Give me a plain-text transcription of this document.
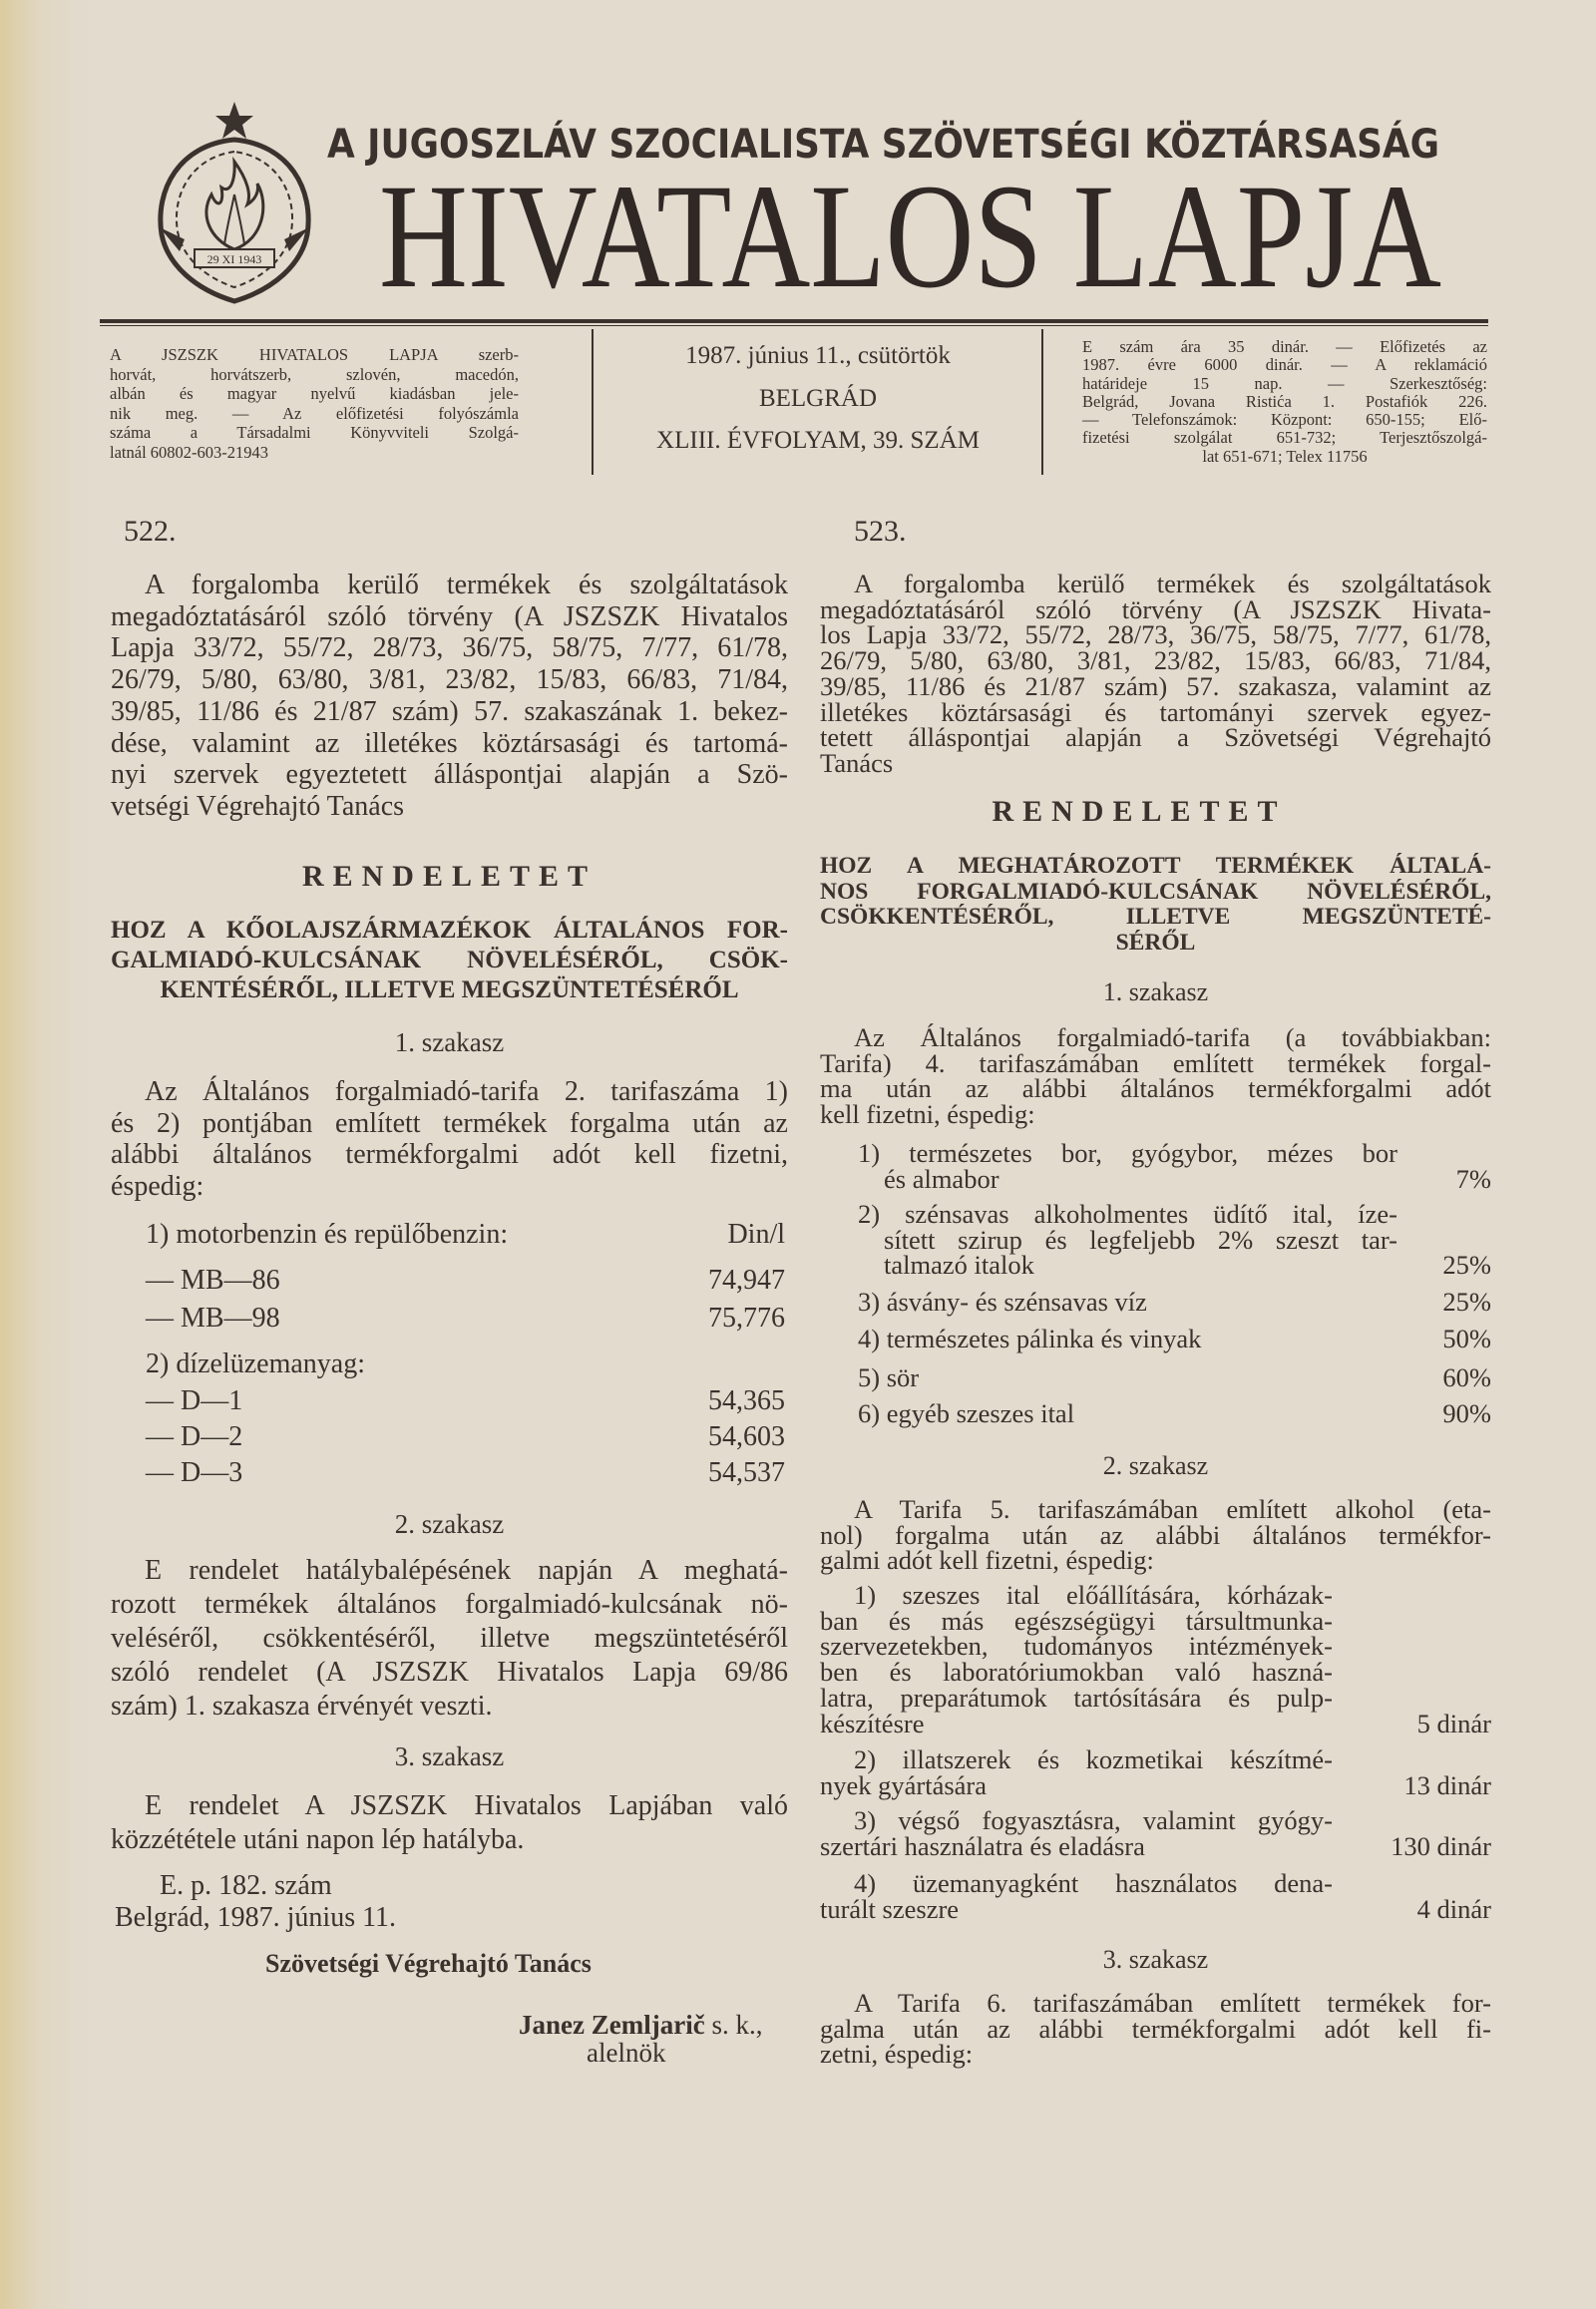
29 XI 1943
A JUGOSZLÁV SZOCIALISTA SZÖVETSÉGI KÖZTÁRSASÁG
HIVATALOS LAPJA
A JSZSZK HIVATALOS LAPJA szerb-
horvát, horvátszerb, szlovén, macedón,
albán és magyar nyelvű kiadásban jele-
nik meg. — Az előfizetési folyószámla
száma a Társadalmi Könyvviteli Szolgá-
latnál 60802-603-21943
1987. június 11., csütörtök
BELGRÁD
XLIII. ÉVFOLYAM, 39. SZÁM
E szám ára 35 dinár. — Előfizetés az
1987. évre 6000 dinár. — A reklamáció
határideje 15 nap. — Szerkesztőség:
Belgrád, Jovana Ristića 1. Postafiók 226.
— Telefonszámok: Központ: 650-155; Elő-
fizetési szolgálat 651-732; Terjesztőszolgá-
lat 651-671; Telex 11756
522.
A forgalomba kerülő termékek és szolgáltatások
megadóztatásáról szóló törvény (A JSZSZK Hivatalos
Lapja 33/72, 55/72, 28/73, 36/75, 58/75, 7/77, 61/78,
26/79, 5/80, 63/80, 3/81, 23/82, 15/83, 66/83, 71/84,
39/85, 11/86 és 21/87 szám) 57. szakaszának 1. bekez-
dése, valamint az illetékes köztársasági és tartomá-
nyi szervek egyeztetett álláspontjai alapján a Szö-
vetségi Végrehajtó Tanács
RENDELETET
HOZ A KŐOLAJSZÁRMAZÉKOK ÁLTALÁNOS FOR-
GALMIADÓ-KULCSÁNAK NÖVELÉSÉRŐL, CSÖK-
KENTÉSÉRŐL, ILLETVE MEGSZÜNTETÉSÉRŐL
1. szakasz
Az Általános forgalmiadó-tarifa 2. tarifaszáma 1)
és 2) pontjában említett termékek forgalma után az
alábbi általános termékforgalmi adót kell fizetni,
éspedig:
1) motorbenzin és repülőbenzin:	Din/l
— MB—86	74,947
— MB—98	75,776
2) dízelüzemanyag:
— D—1	54,365
— D—2	54,603
— D—3	54,537
2. szakasz
E rendelet hatálybalépésének napján A meghatá-
rozott termékek általános forgalmiadó-kulcsának nö-
veléséről, csökkentéséről, illetve megszüntetéséről
szóló rendelet (A JSZSZK Hivatalos Lapja 69/86
szám) 1. szakasza érvényét veszti.
3. szakasz
E rendelet A JSZSZK Hivatalos Lapjában való
közzététele utáni napon lép hatályba.
E. p. 182. szám
Belgrád, 1987. június 11.
Szövetségi Végrehajtó Tanács
Janez Zemljarič s. k.,
alelnök
523.
A forgalomba kerülő termékek és szolgáltatások
megadóztatásáról szóló törvény (A JSZSZK Hivata-
los Lapja 33/72, 55/72, 28/73, 36/75, 58/75, 7/77, 61/78,
26/79, 5/80, 63/80, 3/81, 23/82, 15/83, 66/83, 71/84,
39/85, 11/86 és 21/87 szám) 57. szakasza, valamint az
illetékes köztársasági és tartományi szervek egyez-
tetett álláspontjai alapján a Szövetségi Végrehajtó
Tanács
RENDELETET
HOZ A MEGHATÁROZOTT TERMÉKEK ÁLTALÁ-
NOS FORGALMIADÓ-KULCSÁNAK NÖVELÉSÉRŐL,
CSÖKKENTÉSÉRŐL, ILLETVE MEGSZÜNTETÉ-
SÉRŐL
1. szakasz
Az Általános forgalmiadó-tarifa (a továbbiakban:
Tarifa) 4. tarifaszámában említett termékek forgal-
ma után az alábbi általános termékforgalmi adót
kell fizetni, éspedig:
1) természetes bor, gyógybor, mézes bor
és almabor	7%
2) szénsavas alkoholmentes üdítő ital, íze-
sített szirup és legfeljebb 2% szeszt tar-
talmazó italok	25%
3) ásvány- és szénsavas víz	25%
4) természetes pálinka és vinyak	50%
5) sör	60%
6) egyéb szeszes ital	90%
2. szakasz
A Tarifa 5. tarifaszámában említett alkohol (eta-
nol) forgalma után az alábbi általános termékfor-
galmi adót kell fizetni, éspedig:
1) szeszes ital előállítására, kórházak-
ban és más egészségügyi társultmunka-
szervezetekben, tudományos intézmények-
ben és laboratóriumokban való haszná-
latra, preparátumok tartósítására és pulp-
készítésre	5 dinár
2) illatszerek és kozmetikai készítmé-
nyek gyártására	13 dinár
3) végső fogyasztásra, valamint gyógy-
szertári használatra és eladásra	130 dinár
4) üzemanyagként használatos dena-
turált szeszre	4 dinár
3. szakasz
A Tarifa 6. tarifaszámában említett termékek for-
galma után az alábbi termékforgalmi adót kell fi-
zetni, éspedig:
